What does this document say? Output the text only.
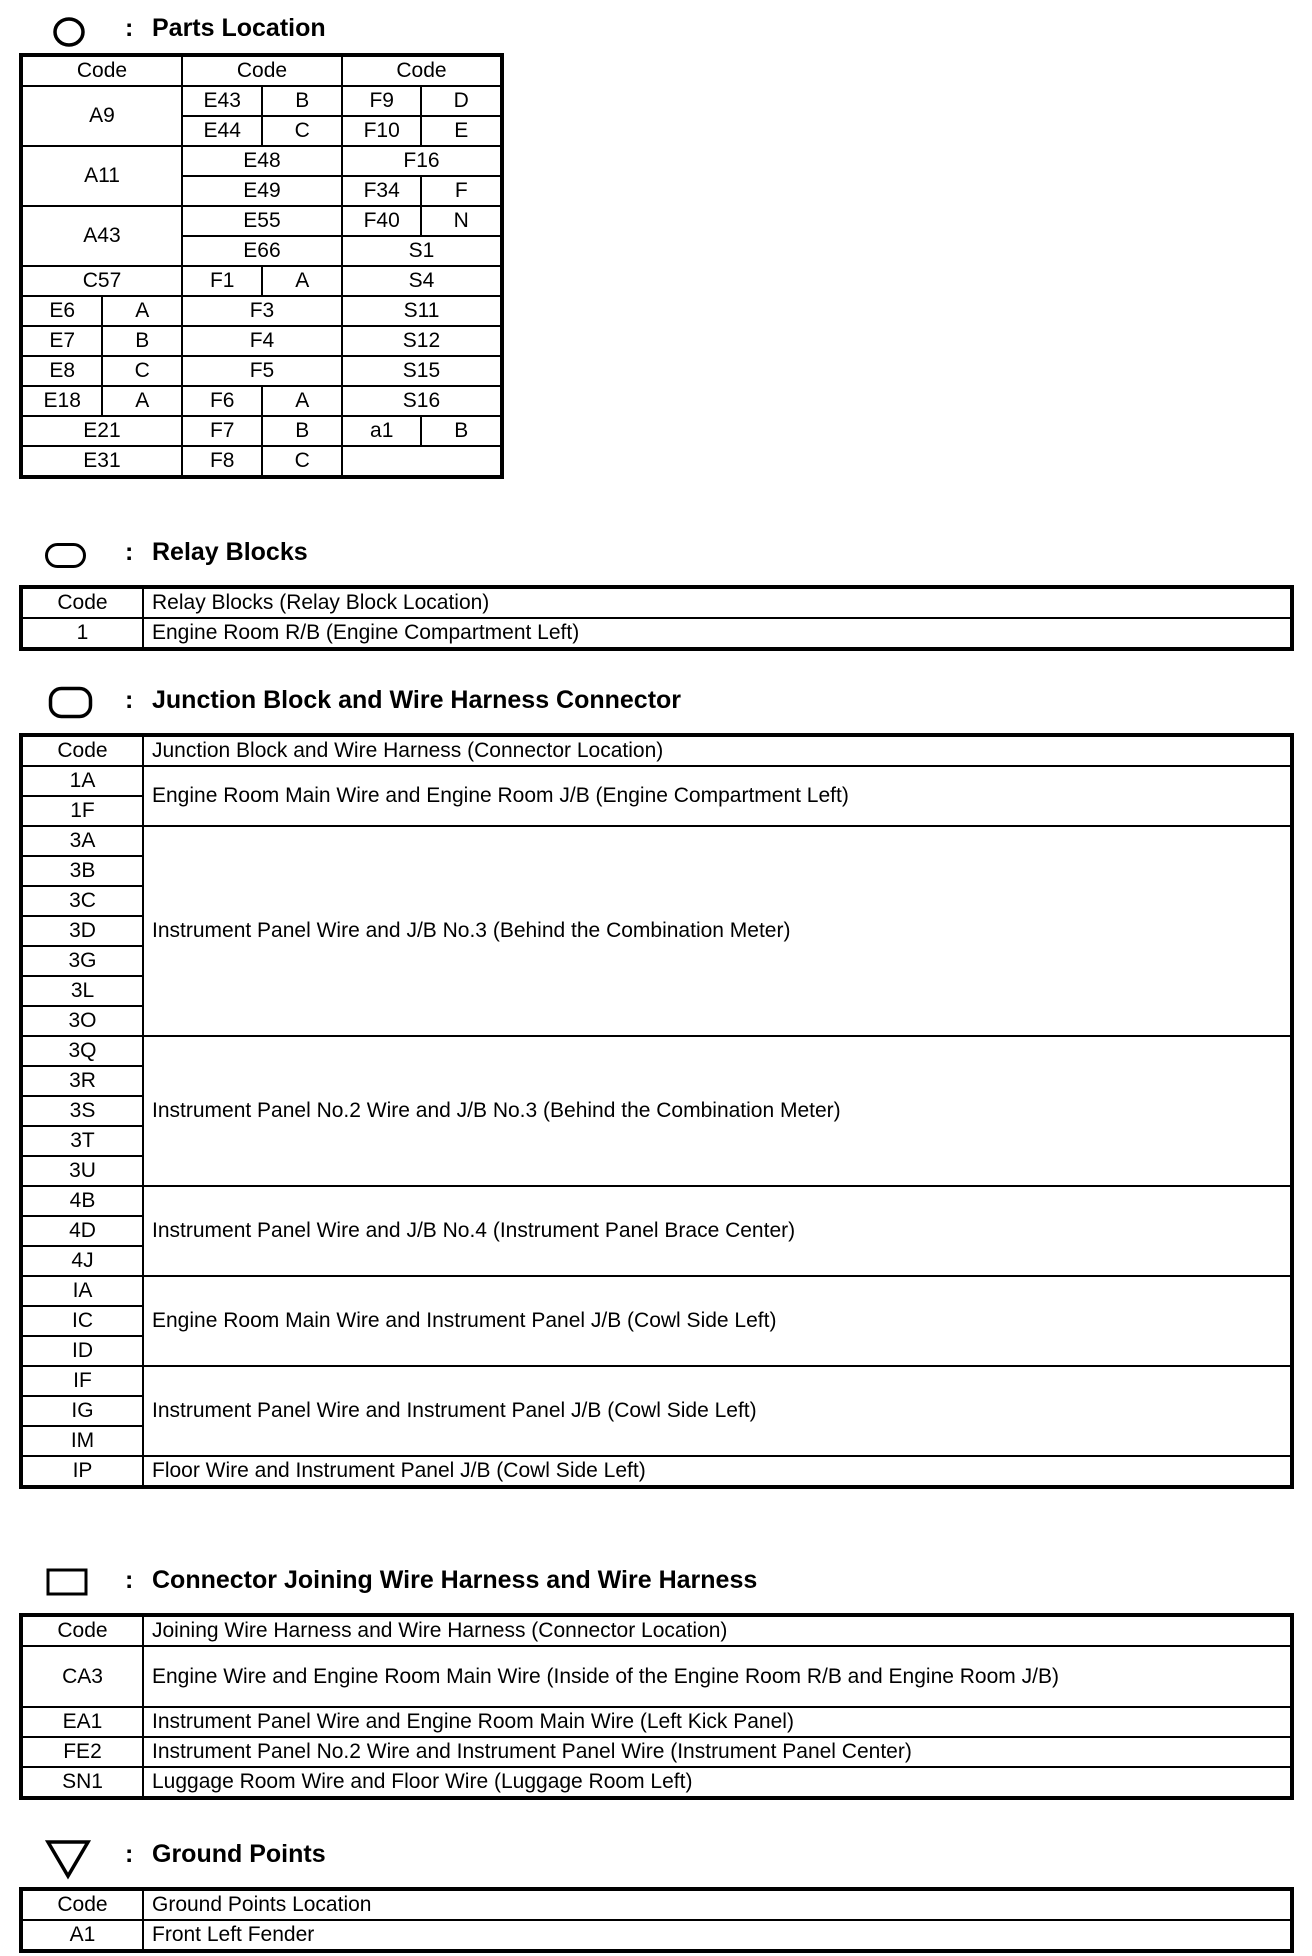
: Parts Location
Code		Code		Code	
A9		E43	B	F9	D
		E44	C	F10	E
A11		E48		F16	
		E49		F34	F
A43		E55		F40	N
		E66		S1	
C57		F1	A	S4	
E6	A	F3		S11	
E7	B	F4		S12	
E8	C	F5		S15	
E18	A	F6	A	S16	
E21		F7	B	a1	B
E31		F8	C		
: Relay Blocks
Code	Relay Blocks (Relay Block Location)
1	Engine Room R/B (Engine Compartment Left)
: Junction Block and Wire Harness Connector
Code	Junction Block and Wire Harness (Connector Location)
1A	Engine Room Main Wire and Engine Room J/B (Engine Compartment Left)
1F	
3A	Instrument Panel Wire and J/B No.3 (Behind the Combination Meter)
3B	
3C	
3D	
3G	
3L	
3O	
3Q	Instrument Panel No.2 Wire and J/B No.3 (Behind the Combination Meter)
3R	
3S	
3T	
3U	
4B	Instrument Panel Wire and J/B No.4 (Instrument Panel Brace Center)
4D	
4J	
IA	Engine Room Main Wire and Instrument Panel J/B (Cowl Side Left)
IC	
ID	
IF	Instrument Panel Wire and Instrument Panel J/B (Cowl Side Left)
IG	
IM	
IP	Floor Wire and Instrument Panel J/B (Cowl Side Left)
: Connector Joining Wire Harness and Wire Harness
Code	Joining Wire Harness and Wire Harness (Connector Location)
CA3	Engine Wire and Engine Room Main Wire (Inside of the Engine Room R/B and Engine Room J/B)
EA1	Instrument Panel Wire and Engine Room Main Wire (Left Kick Panel)
FE2	Instrument Panel No.2 Wire and Instrument Panel Wire (Instrument Panel Center)
SN1	Luggage Room Wire and Floor Wire (Luggage Room Left)
: Ground Points
Code	Ground Points Location
A1	Front Left Fender
